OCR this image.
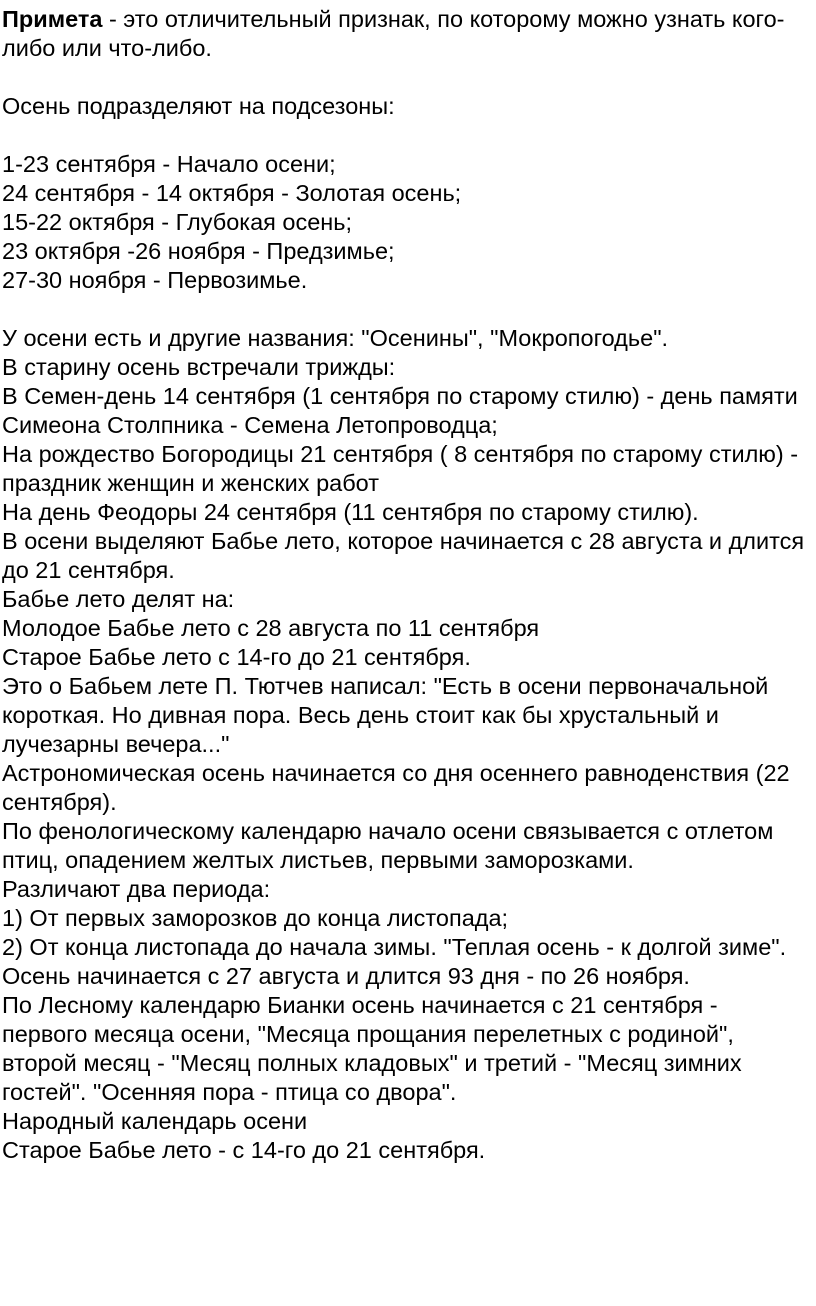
Примета - это отличительный признак, по которому можно узнать кого-либо или что-либо.
Осень подразделяют на подсезоны:
1-23 сентября - Начало осени;
24 сентября - 14 октября - Золотая осень;
15-22 октября - Глубокая осень;
23 октября -26 ноября - Предзимье;
27-30 ноября - Первозимье.
У осени есть и другие названия: "Осенины", "Мокропогодье".
В старину осень встречали трижды:
В Семен-день 14 сентября (1 сентября по старому стилю) - день памяти Симеона Столпника - Семена Летопроводца;
На рождество Богородицы 21 сентября ( 8 сентября по старому стилю) - праздник женщин и женских работ
На день Феодоры 24 сентября (11 сентября по старому стилю).
В осени выделяют Бабье лето, которое начинается с 28 августа и длится до 21 сентября.
Бабье лето делят на:
Молодое Бабье лето с 28 августа по 11 сентября
Старое Бабье лето с 14-го до 21 сентября.
Это о Бабьем лете П. Тютчев написал: "Есть в осени первоначальной короткая. Но дивная пора. Весь день стоит как бы хрустальный и лучезарны вечера..."
Астрономическая осень начинается со дня осеннего равноденствия (22 сентября).
По фенологическому календарю начало осени связывается с отлетом птиц, опадением желтых листьев, первыми заморозками.
Различают два периода:
1) От первых заморозков до конца листопада;
2) От конца листопада до начала зимы. "Теплая осень - к долгой зиме". Осень начинается с 27 августа и длится 93 дня - по 26 ноября.
По Лесному календарю Бианки осень начинается с 21 сентября - первого месяца осени, "Месяца прощания перелетных с родиной", второй месяц - "Месяц полных кладовых" и третий - "Месяц зимних гостей". "Осенняя пора - птица со двора".
Народный календарь осени
Старое Бабье лето - с 14-го до 21 сентября.
